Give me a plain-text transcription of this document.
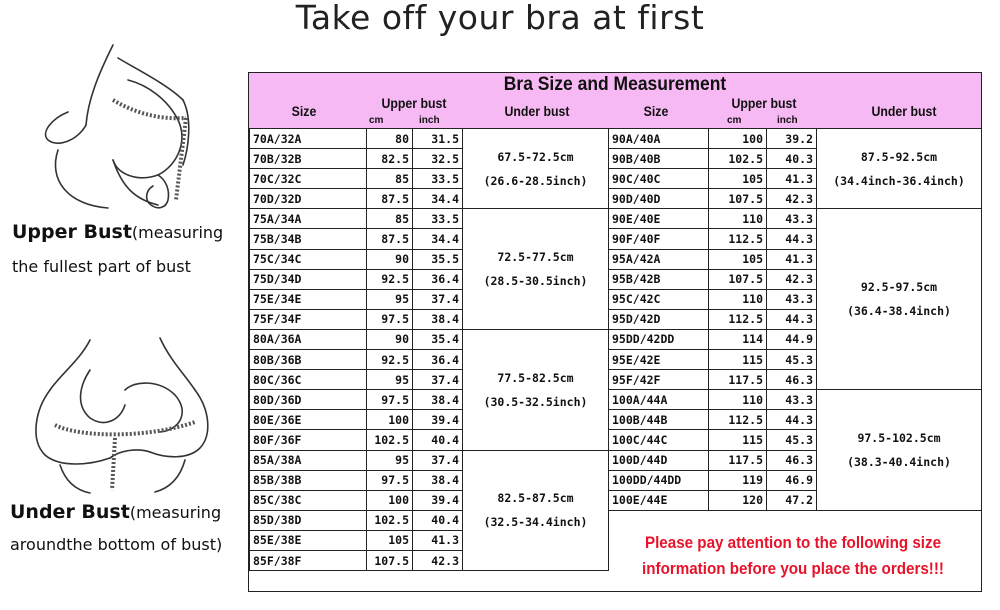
Take off your bra at first
Upper Bust(measuring
the fullest part of bust
Under Bust(measuring
aroundthe bottom of bust)
Bra Size and Measurement
Size	Upper bust
cm	inch
Under bust	Size	Upper bust
cm	inch
Under bust
70A/32A	80	31.5	67.5-72.5cm
(26.6-28.5inch)

70B/32B	82.5	32.5	
70C/32C	85	33.5	
70D/32D	87.5	34.4	
75A/34A	85	33.5	72.5-77.5cm
(28.5-30.5inch)

75B/34B	87.5	34.4	
75C/34C	90	35.5	
75D/34D	92.5	36.4	
75E/34E	95	37.4	
75F/34F	97.5	38.4	
80A/36A	90	35.4	77.5-82.5cm
(30.5-32.5inch)

80B/36B	92.5	36.4	
80C/36C	95	37.4	
80D/36D	97.5	38.4	
80E/36E	100	39.4	
80F/36F	102.5	40.4	
85A/38A	95	37.4	82.5-87.5cm
(32.5-34.4inch)

85B/38B	97.5	38.4	
85C/38C	100	39.4	
85D/38D	102.5	40.4	
85E/38E	105	41.3	
85F/38F	107.5	42.3	
90A/40A	100	39.2	87.5-92.5cm
(34.4inch-36.4inch)

90B/40B	102.5	40.3	
90C/40C	105	41.3	
90D/40D	107.5	42.3	
90E/40E	110	43.3	92.5-97.5cm
(36.4-38.4inch)

90F/40F	112.5	44.3	
95A/42A	105	41.3	
95B/42B	107.5	42.3	
95C/42C	110	43.3	
95D/42D	112.5	44.3	
95DD/42DD	114	44.9	
95E/42E	115	45.3	
95F/42F	117.5	46.3	
100A/44A	110	43.3	97.5-102.5cm
(38.3-40.4inch)

100B/44B	112.5	44.3	
100C/44C	115	45.3	
100D/44D	117.5	46.3	
100DD/44DD	119	46.9	
100E/44E	120	47.2	
Please pay attention to the following size
information before you place the orders!!!
